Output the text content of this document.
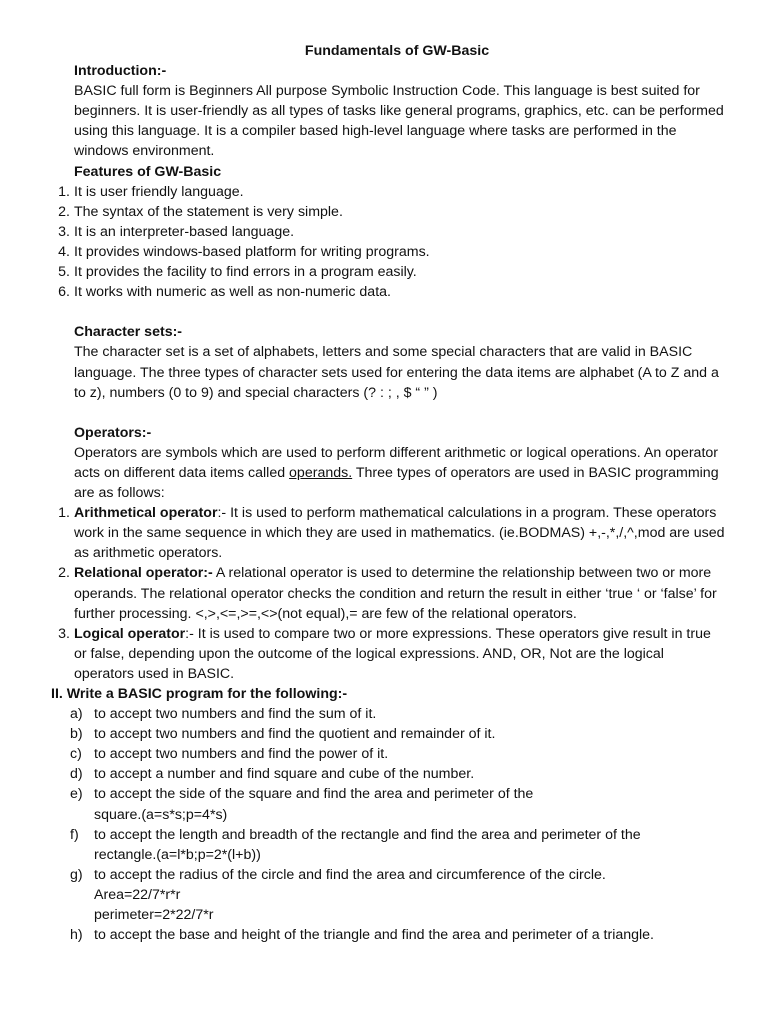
Fundamentals of GW-Basic

Introduction:-

BASIC full form is Beginners All purpose Symbolic Instruction Code. This language is best suited for beginners. It is user-friendly as all types of tasks like general programs, graphics, etc. can be performed using this language. It is a compiler based high-level language where tasks are performed in the windows environment.

Features of GW-Basic
1. It is user friendly language.
2. The syntax of the statement is very simple.
3. It is an interpreter-based language.
4. It provides windows-based platform for writing programs.
5. It provides the facility to find errors in a program easily.
6. It works with numeric as well as non-numeric data.
Character sets:-

The character set is a set of alphabets, letters and some special characters that are valid in BASIC language. The three types of character sets used for entering the data items are alphabet (A to Z and a to z), numbers (0 to 9) and special characters (? : ; , $ “ ” )

Operators:-

Operators are symbols which are used to perform different arithmetic or logical operations. An operator acts on different data items called operands. Three types of operators are used in BASIC programming are as follows:

1. Arithmetical operator:- It is used to perform mathematical calculations in a program. These operators work in the same sequence in which they are used in mathematics. (ie.BODMAS) +,-,*,/,^,mod are used as arithmetic operators.
2. Relational operator:- A relational operator is used to determine the relationship between two or more operands. The relational operator checks the condition and return the result in either ‘true ‘ or ‘false’ for further processing. <,>,<=,>=,<>(not equal),= are few of the relational operators.
3. Logical operator:- It is used to compare two or more expressions. These operators give result in true or false, depending upon the outcome of the logical expressions. AND, OR, Not are the logical operators used in BASIC.
II. Write a BASIC program for the following:-
a) to accept two numbers and find the sum of it.
b) to accept two numbers and find the quotient and remainder of it.
c) to accept two numbers and find the power of it.
d) to accept a number and find square and cube of the number.
e) to accept the side of the square and find the area and perimeter of the
square.(a=s*s;p=4*s)
f)	to accept the length and breadth of the rectangle and find the area and perimeter of the
rectangle.(a=l*b;p=2*(l+b))
g) to accept the radius of the circle and find the area and circumference of the circle.
Area=22/7*r*r
perimeter=2*22/7*r
h) to accept the base and height of the triangle and find the area and perimeter of a triangle.
